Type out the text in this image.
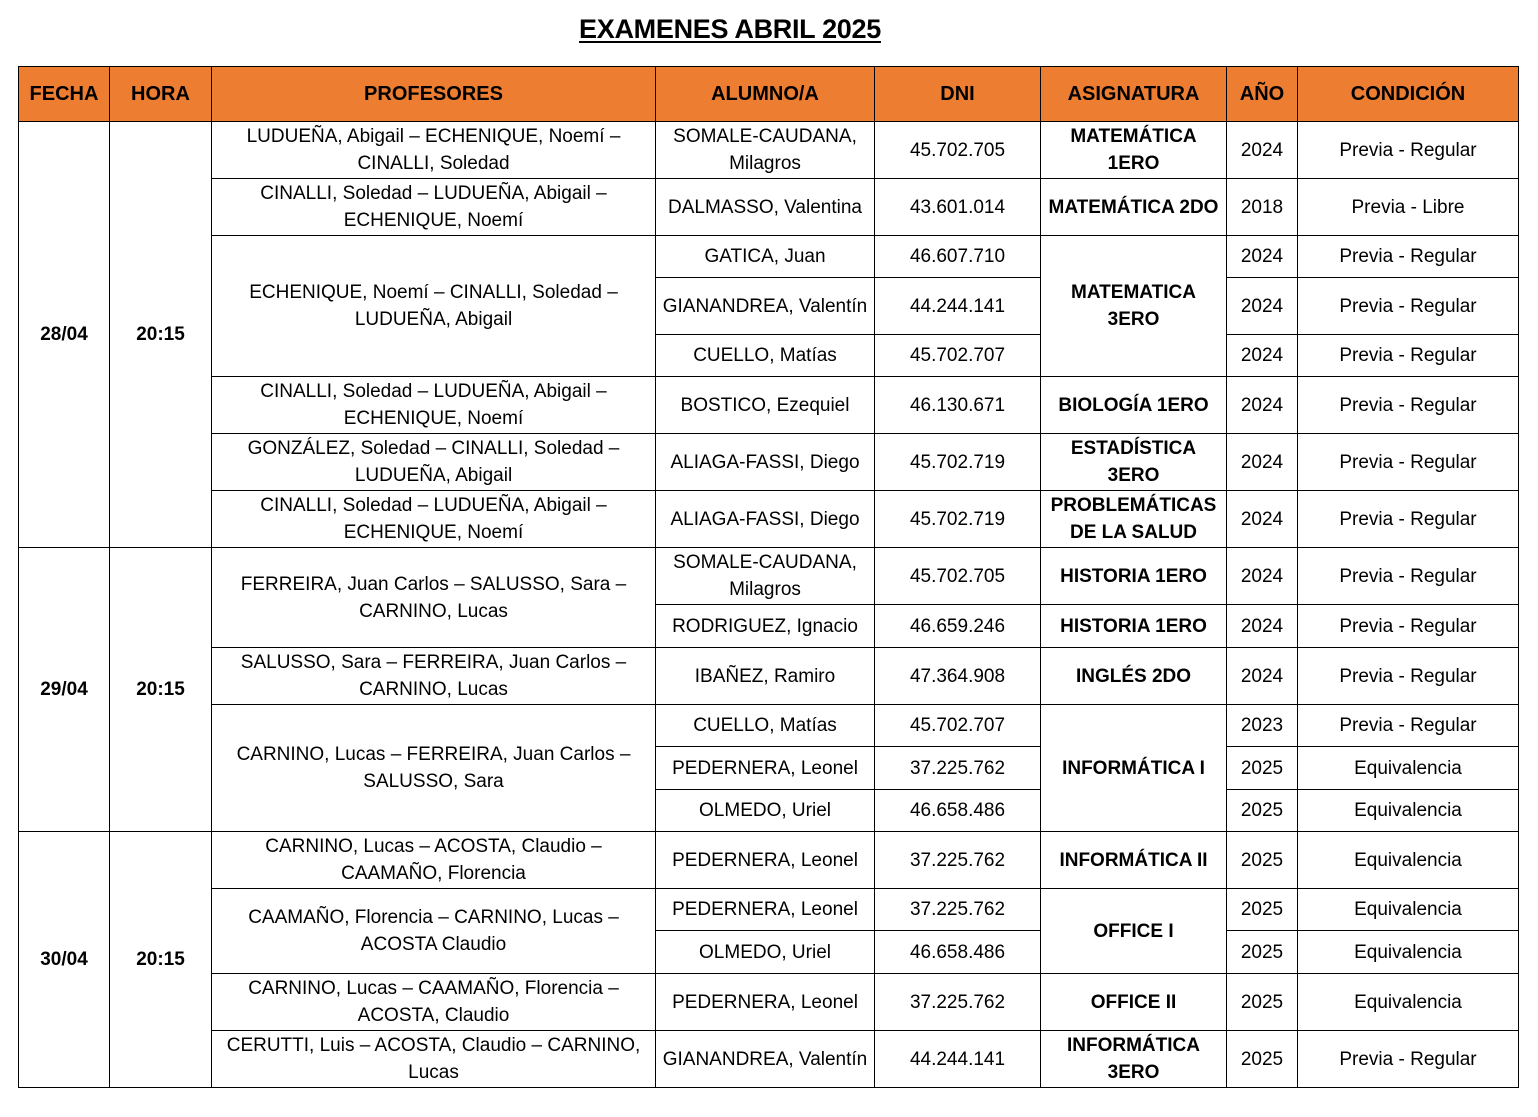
EXAMENES ABRIL 2025
FECHA	HORA	PROFESORES	ALUMNO/A	DNI	ASIGNATURA	AÑO	CONDICIÓN
28/04	20:15	LUDUEÑA, Abigail – ECHENIQUE, Noemí – CINALLI, Soledad	SOMALE-CAUDANA, Milagros	45.702.705	MATEMÁTICA 1ERO	2024	Previa - Regular
		CINALLI, Soledad – LUDUEÑA, Abigail – ECHENIQUE, Noemí	DALMASSO, Valentina	43.601.014	MATEMÁTICA 2DO	2018	Previa - Libre
		ECHENIQUE, Noemí – CINALLI, Soledad – LUDUEÑA, Abigail	GATICA, Juan	46.607.710	MATEMATICA 3ERO	2024	Previa - Regular
			GIANANDREA, Valentín	44.244.141		2024	Previa - Regular
			CUELLO, Matías	45.702.707		2024	Previa - Regular
		CINALLI, Soledad – LUDUEÑA, Abigail – ECHENIQUE, Noemí	BOSTICO, Ezequiel	46.130.671	BIOLOGÍA 1ERO	2024	Previa - Regular
		GONZÁLEZ, Soledad – CINALLI, Soledad – LUDUEÑA, Abigail	ALIAGA-FASSI, Diego	45.702.719	ESTADÍSTICA 3ERO	2024	Previa - Regular
		CINALLI, Soledad – LUDUEÑA, Abigail – ECHENIQUE, Noemí	ALIAGA-FASSI, Diego	45.702.719	PROBLEMÁTICAS DE LA SALUD	2024	Previa - Regular
29/04	20:15	FERREIRA, Juan Carlos – SALUSSO, Sara – CARNINO, Lucas	SOMALE-CAUDANA, Milagros	45.702.705	HISTORIA 1ERO	2024	Previa - Regular
			RODRIGUEZ, Ignacio	46.659.246	HISTORIA 1ERO	2024	Previa - Regular
		SALUSSO, Sara – FERREIRA, Juan Carlos – CARNINO, Lucas	IBAÑEZ, Ramiro	47.364.908	INGLÉS 2DO	2024	Previa - Regular
		CARNINO, Lucas – FERREIRA, Juan Carlos – SALUSSO, Sara	CUELLO, Matías	45.702.707	INFORMÁTICA I	2023	Previa - Regular
			PEDERNERA, Leonel	37.225.762		2025	Equivalencia
			OLMEDO, Uriel	46.658.486		2025	Equivalencia
30/04	20:15	CARNINO, Lucas – ACOSTA, Claudio – CAAMAÑO, Florencia	PEDERNERA, Leonel	37.225.762	INFORMÁTICA II	2025	Equivalencia
		CAAMAÑO, Florencia – CARNINO, Lucas – ACOSTA Claudio	PEDERNERA, Leonel	37.225.762	OFFICE I	2025	Equivalencia
			OLMEDO, Uriel	46.658.486		2025	Equivalencia
		CARNINO, Lucas – CAAMAÑO, Florencia – ACOSTA, Claudio	PEDERNERA, Leonel	37.225.762	OFFICE II	2025	Equivalencia
		CERUTTI, Luis – ACOSTA, Claudio – CARNINO, Lucas	GIANANDREA, Valentín	44.244.141	INFORMÁTICA 3ERO	2025	Previa - Regular
